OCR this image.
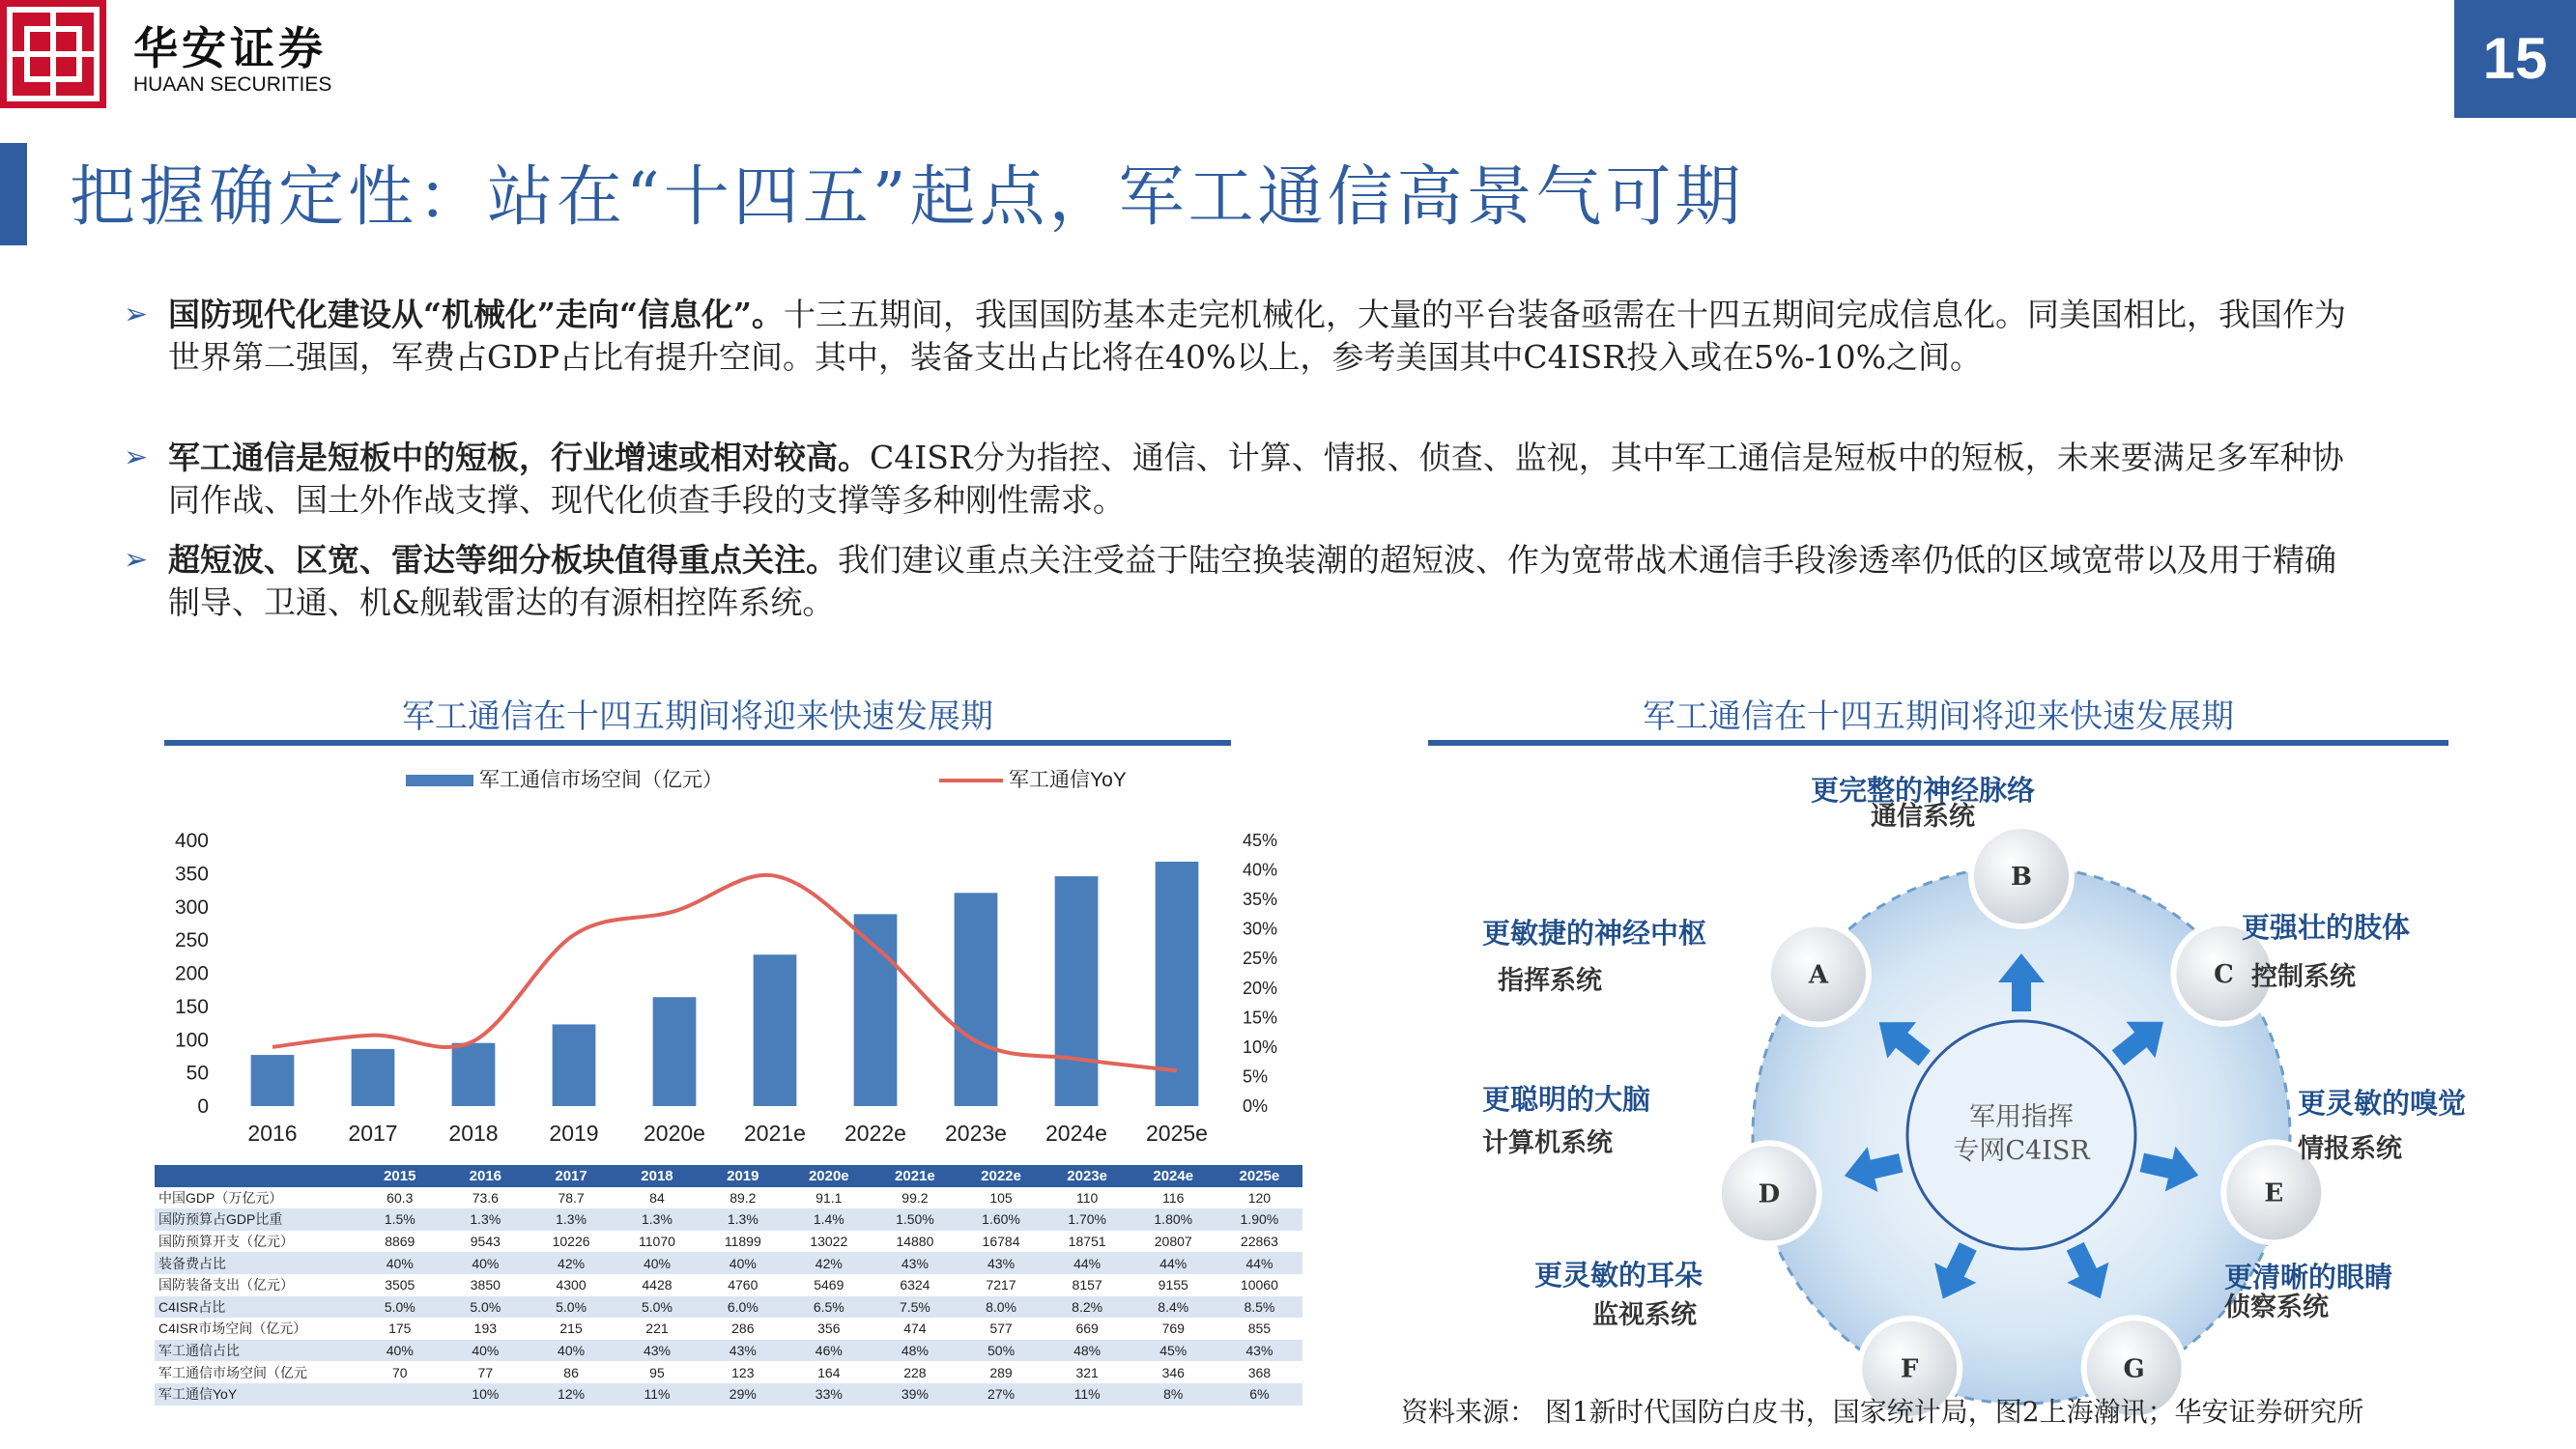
华安证券
HUAAN SECURITIES	15
把握确定性：站在“十四五”起点，军工通信高景气可期
➢ 国防现代化建设从“机械化”走向“信息化”。十三五期间，我国国防基本走完机械化，大量的平台装备亟需在十四五期间完成信息化。同美国相比，我国作为世界第二强国，军费占GDP占比有提升空间。其中，装备支出占比将在40%以上，参考美国其中C4ISR投入或在5%-10%之间。
➢ 军工通信是短板中的短板，行业增速或相对较高。C4ISR分为指控、通信、计算、情报、侦查、监视，其中军工通信是短板中的短板，未来要满足多军种协同作战、国土外作战支撑、现代化侦查手段的支撑等多种刚性需求。
➢ 超短波、区宽、雷达等细分板块值得重点关注。我们建议重点关注受益于陆空换装潮的超短波、作为宽带战术通信手段渗透率仍低的区域宽带以及用于精确制导、卫通、机&舰载雷达的有源相控阵系统。
军工通信在十四五期间将迎来快速发展期
军工通信市场空间（亿元）	军工通信YoY
400
350
300
250
200
150
100
50
0
45%
40%
35%
30%
25%
20%
15%
10%
5%
0%
2016 2017 2018 2019 2020e 2021e 2022e 2023e 2024e 2025e
	2015	2016	2017	2018	2019	2020e	2021e	2022e	2023e	2024e	2025e
中国GDP（万亿元）	60.3	73.6	78.7	84	89.2	91.1	99.2	105	110	116	120
国防预算占GDP比重	1.5%	1.3%	1.3%	1.3%	1.3%	1.4%	1.50%	1.60%	1.70%	1.80%	1.90%
国防预算开支（亿元）	8869	9543	10226	11070	11899	13022	14880	16784	18751	20807	22863
装备费占比	40%	40%	42%	40%	40%	42%	43%	43%	44%	44%	44%
国防装备支出（亿元）	3505	3850	4300	4428	4760	5469	6324	7217	8157	9155	10060
C4ISR占比	5.0%	5.0%	5.0%	5.0%	6.0%	6.5%	7.5%	8.0%	8.2%	8.4%	8.5%
C4ISR市场空间（亿元）	175	193	215	221	286	356	474	577	669	769	855
军工通信占比	40%	40%	40%	43%	43%	46%	48%	50%	48%	45%	43%
军工通信市场空间（亿元	70	77	86	95	123	164	228	289	321	346	368
军工通信YoY		10%	12%	11%	29%	33%	39%	27%	11%	8%	6%
军工通信在十四五期间将迎来快速发展期
军用指挥
专网C4ISR
B
更完整的神经脉络
通信系统
C
更强壮的肢体
控制系统
E
更灵敏的嗅觉
情报系统
G
更清晰的眼睛
侦察系统
F
更灵敏的耳朵
监视系统
D
更聪明的大脑
计算机系统
A
更敏捷的神经中枢
指挥系统
资料来源： 图1新时代国防白皮书，国家统计局，图2上海瀚讯；华安证券研究所
